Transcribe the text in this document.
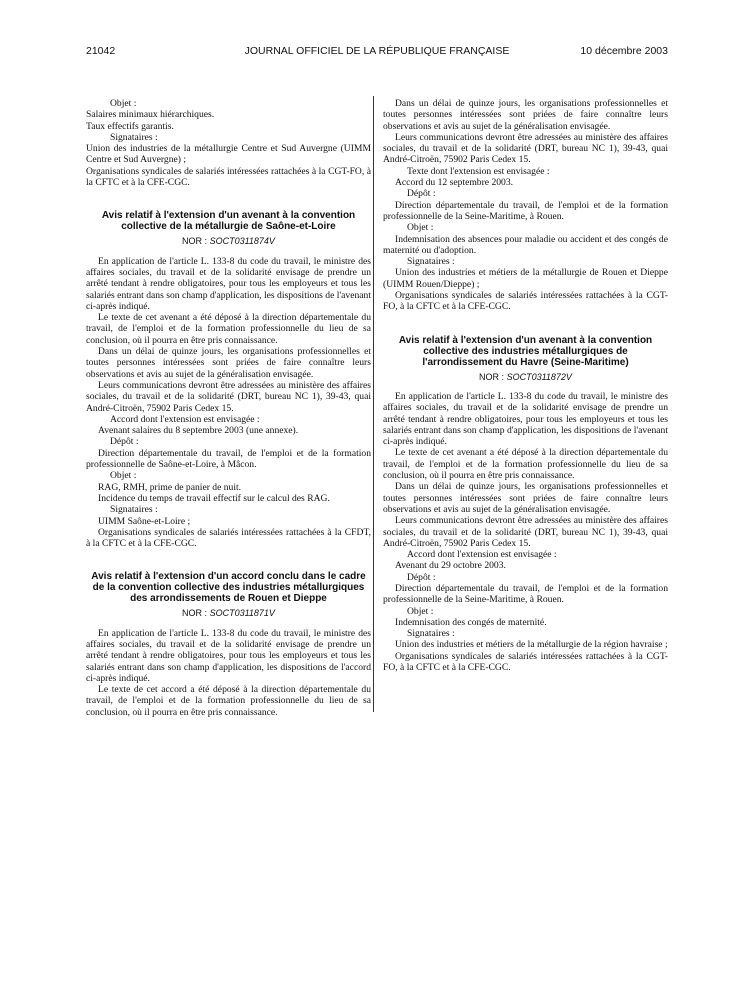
21042	JOURNAL OFFICIEL DE LA RÉPUBLIQUE FRANÇAISE	10 décembre 2003

Objet :

Salaires minimaux hiérarchiques.

Taux effectifs garantis.

Signataires :

Union des industries de la métallurgie Centre et Sud Auvergne (UIMM Centre et Sud Auvergne) ;

Organisations syndicales de salariés intéressées rattachées à la CGT-FO, à la CFTC et à la CFE-CGC.

Avis relatif à l'extension d'un avenant à la convention collective de la métallurgie de Saône-et-Loire

NOR : SOCT0311874V

En application de l'article L. 133-8 du code du travail, le ministre des affaires sociales, du travail et de la solidarité envisage de prendre un arrêté tendant à rendre obligatoires, pour tous les employeurs et tous les salariés entrant dans son champ d'application, les dispositions de l'avenant ci-après indiqué.

Le texte de cet avenant a été déposé à la direction départementale du travail, de l'emploi et de la formation professionnelle du lieu de sa conclusion, où il pourra en être pris connaissance.

Dans un délai de quinze jours, les organisations professionnelles et toutes personnes intéressées sont priées de faire connaître leurs observations et avis au sujet de la généralisation envisagée.

Leurs communications devront être adressées au ministère des affaires sociales, du travail et de la solidarité (DRT, bureau NC 1), 39-43, quai André-Citroën, 75902 Paris Cedex 15.

Accord dont l'extension est envisagée :

Avenant salaires du 8 septembre 2003 (une annexe).

Dépôt :

Direction départementale du travail, de l'emploi et de la formation professionnelle de Saône-et-Loire, à Mâcon.

Objet :

RAG, RMH, prime de panier de nuit.

Incidence du temps de travail effectif sur le calcul des RAG.

Signataires :

UIMM Saône-et-Loire ;

Organisations syndicales de salariés intéressées rattachées à la CFDT, à la CFTC et à la CFE-CGC.

Avis relatif à l'extension d'un accord conclu dans le cadre de la convention collective des industries métallurgiques des arrondissements de Rouen et Dieppe

NOR : SOCT0311871V

En application de l'article L. 133-8 du code du travail, le ministre des affaires sociales, du travail et de la solidarité envisage de prendre un arrêté tendant à rendre obligatoires, pour tous les employeurs et tous les salariés entrant dans son champ d'application, les dispositions de l'accord ci-après indiqué.

Le texte de cet accord a été déposé à la direction départementale du travail, de l'emploi et de la formation professionnelle du lieu de sa conclusion, où il pourra en être pris connaissance.

Dans un délai de quinze jours, les organisations professionnelles et toutes personnes intéressées sont priées de faire connaître leurs observations et avis au sujet de la généralisation envisagée.

Leurs communications devront être adressées au ministère des affaires sociales, du travail et de la solidarité (DRT, bureau NC 1), 39-43, quai André-Citroën, 75902 Paris Cedex 15.

Texte dont l'extension est envisagée :

Accord du 12 septembre 2003.

Dépôt :

Direction départementale du travail, de l'emploi et de la formation professionnelle de la Seine-Maritime, à Rouen.

Objet :

Indemnisation des absences pour maladie ou accident et des congés de maternité ou d'adoption.

Signataires :

Union des industries et métiers de la métallurgie de Rouen et Dieppe (UIMM Rouen/Dieppe) ;

Organisations syndicales de salariés intéressées rattachées à la CGT-FO, à la CFTC et à la CFE-CGC.

Avis relatif à l'extension d'un avenant à la convention collective des industries métallurgiques de l'arrondissement du Havre (Seine-Maritime)

NOR : SOCT0311872V

En application de l'article L. 133-8 du code du travail, le ministre des affaires sociales, du travail et de la solidarité envisage de prendre un arrêté tendant à rendre obligatoires, pour tous les employeurs et tous les salariés entrant dans son champ d'application, les dispositions de l'avenant ci-après indiqué.

Le texte de cet avenant a été déposé à la direction départementale du travail, de l'emploi et de la formation professionnelle du lieu de sa conclusion, où il pourra en être pris connaissance.

Dans un délai de quinze jours, les organisations professionnelles et toutes personnes intéressées sont priées de faire connaître leurs observations et avis au sujet de la généralisation envisagée.

Leurs communications devront être adressées au ministère des affaires sociales, du travail et de la solidarité (DRT, bureau NC 1), 39-43, quai André-Citroën, 75902 Paris Cedex 15.

Accord dont l'extension est envisagée :

Avenant du 29 octobre 2003.

Dépôt :

Direction départementale du travail, de l'emploi et de la formation professionnelle de la Seine-Maritime, à Rouen.

Objet :

Indemnisation des congés de maternité.

Signataires :

Union des industries et métiers de la métallurgie de la région havraise ;

Organisations syndicales de salariés intéressées rattachées à la CGT-FO, à la CFTC et à la CFE-CGC.
